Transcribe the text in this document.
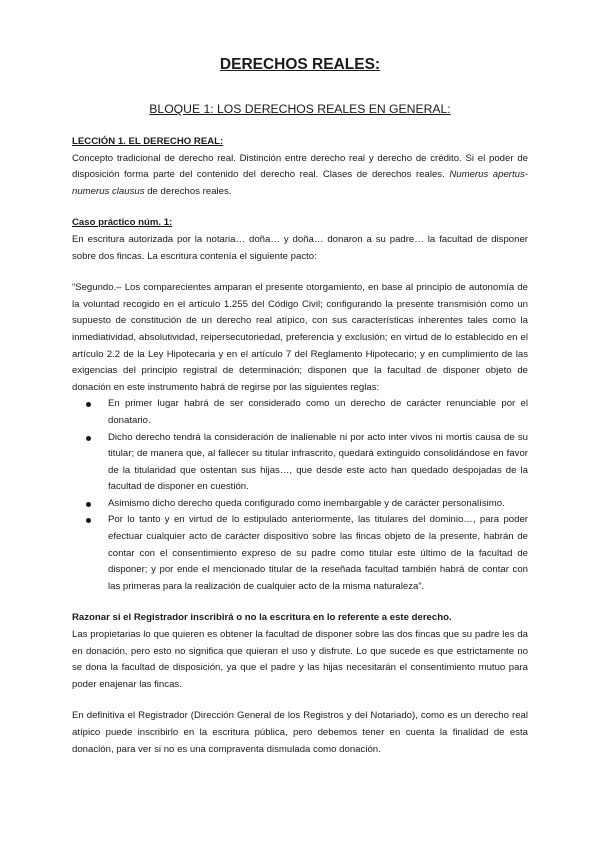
DERECHOS REALES:
BLOQUE 1: LOS DERECHOS REALES EN GENERAL:

LECCIÓN 1. EL DERECHO REAL:

Concepto tradicional de derecho real. Distinción entre derecho real y derecho de crédito. Si el poder de disposición forma parte del contenido del derecho real. Clases de derechos reales. Numerus apertus-numerus clausus de derechos reales.

Caso práctico núm. 1:

En escritura autorizada por la notaria… doña… y doña… donaron a su padre… la facultad de disponer sobre dos fincas. La escritura contenía el siguiente pacto:

“Segundo.– Los comparecientes amparan el presente otorgamiento, en base al principio de autonomía de la voluntad recogido en el artículo 1.255 del Código Civil; configurando la presente transmisión como un supuesto de constitución de un derecho real atípico, con sus características inherentes tales como la inmediatividad, absolutividad, reipersecutoriedad, preferencia y exclusión; en virtud de lo establecido en el artículo 2.2 de la Ley Hipotecaria y en el artículo 7 del Reglamento Hipotecario; y en cumplimiento de las exigencias del principio registral de determinación; disponen que la facultad de disponer objeto de donación en este instrumento habrá de regirse por las siguientes reglas:

En primer lugar habrá de ser considerado como un derecho de carácter renunciable por el donatario.
Dicho derecho tendrá la consideración de inalienable ni por acto inter vivos ni mortis causa de su titular; de manera que, al fallecer su titular infrascrito, quedará extinguido consolidándose en favor de la titularidad que ostentan sus hijas…, que desde este acto han quedado despojadas de la facultad de disponer en cuestión.
Asimismo dicho derecho queda configurado como inembargable y de carácter personalísimo.
Por lo tanto y en virtud de lo estipulado anteriormente, las titulares del dominio…, para poder efectuar cualquier acto de carácter dispositivo sobre las fincas objeto de la presente, habrán de contar con el consentimiento expreso de su padre como titular este último de la facultad de disponer; y por ende el mencionado titular de la reseñada facultad también habrá de contar con las primeras para la realización de cualquier acto de la misma naturaleza”.

Razonar si el Registrador inscribirá o no la escritura en lo referente a este derecho.

Las propietarias lo que quieren es obtener la facultad de disponer sobre las dos fincas que su padre les da en donación, pero esto no significa que quieran el uso y disfrute. Lo que sucede es que estrictamente no se dona la facultad de disposición, ya que el padre y las hijas necesitarán el consentimiento mutuo para poder enajenar las fincas.

En definitiva el Registrador (Dirección General de los Registros y del Notariado), como es un derecho real atípico puede inscribirlo en la escritura pública, pero debemos tener en cuenta la finalidad de esta donación, para ver si no es una compraventa dismulada como donación.
